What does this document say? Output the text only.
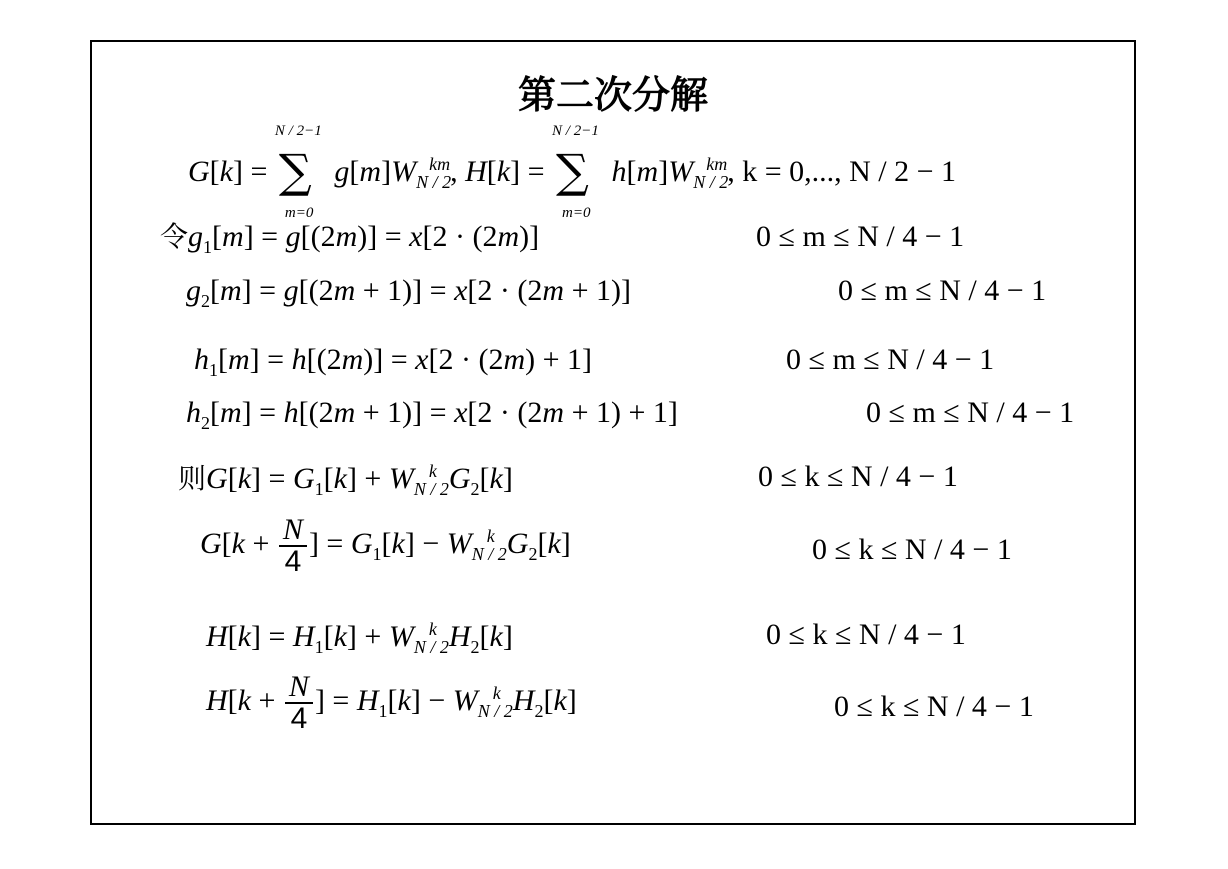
第二次分解
G[k] = ∑
N / 2−1
m=0
$g[m]W_{N / 2}^{km}$, H[k] = ∑
N / 2−1
m=0
$h[m]W_{N / 2}^{km}$, k = 0,..., N / 2 − 1
令$g_1[m] = g[(2m)] = x[2 \cdot (2m)]$	0 ≤ m ≤ N / 4 − 1
$g_2[m] = g[(2m + 1)] = x[2 \cdot (2m + 1)]$	0 ≤ m ≤ N / 4 − 1
$h_1[m] = h[(2m)] = x[2 \cdot (2m) + 1]$	0 ≤ m ≤ N / 4 − 1
$h_2[m] = h[(2m + 1)] = x[2 \cdot (2m + 1) + 1]$	0 ≤ m ≤ N / 4 − 1
则$G[k] = G_1[k] + W_{N / 2}^k$ $G_2[k]$	0 ≤ k ≤ N / 4 − 1
$G[k + \frac{N}{4}$ ] = $G_1[k] - W_{N / 2}^k$ $G_2[k]$	0 ≤ k ≤ N / 4 − 1
$H[k] = H_1[k] + W_{N / 2}^k$ $H_2[k]$	0 ≤ k ≤ N / 4 − 1
$H[k + \frac{N}{4}$ ] = $H_1[k] - W_{N / 2}^k$ $H_2[k]$	0 ≤ k ≤ N / 4 − 1
